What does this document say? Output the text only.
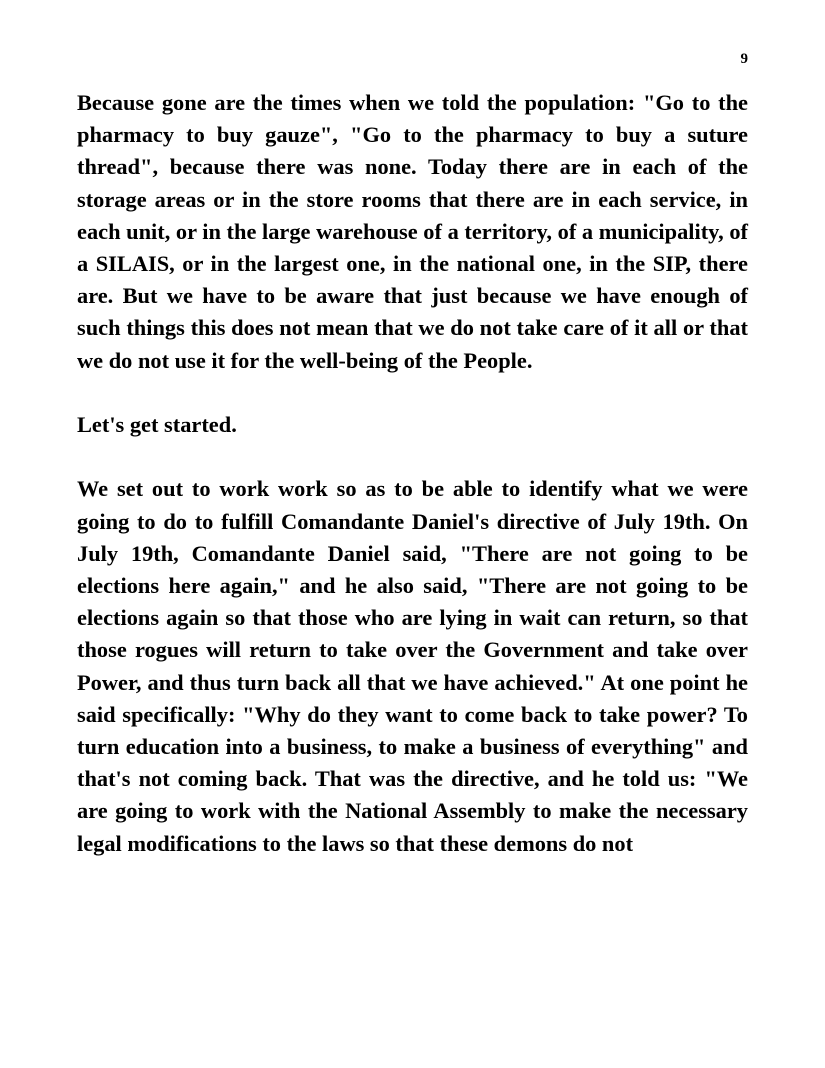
9

Because gone are the times when we told the population: "Go to the pharmacy to buy gauze", "Go to the pharmacy to buy a suture thread", because there was none. Today there are in each of the storage areas or in the store rooms that there are in each service, in each unit, or in the large warehouse of a territory, of a municipality, of a SILAIS, or in the largest one, in the national one, in the SIP, there are. But we have to be aware that just because we have enough of such things this does not mean that we do not take care of it all or that we do not use it for the well-being of the People.

Let's get started.

We set out to work work so as to be able to identify what we were going to do to fulfill Comandante Daniel's directive of July 19th. On July 19th, Comandante Daniel said, "There are not going to be elections here again," and he also said, "There are not going to be elections again so that those who are lying in wait can return, so that those rogues will return to take over the Government and take over Power, and thus turn back all that we have achieved." At one point he said specifically: "Why do they want to come back to take power? To turn education into a business, to make a business of everything" and that's not coming back. That was the directive, and he told us: "We are going to work with the National Assembly to make the necessary legal modifications to the laws so that these demons do not
